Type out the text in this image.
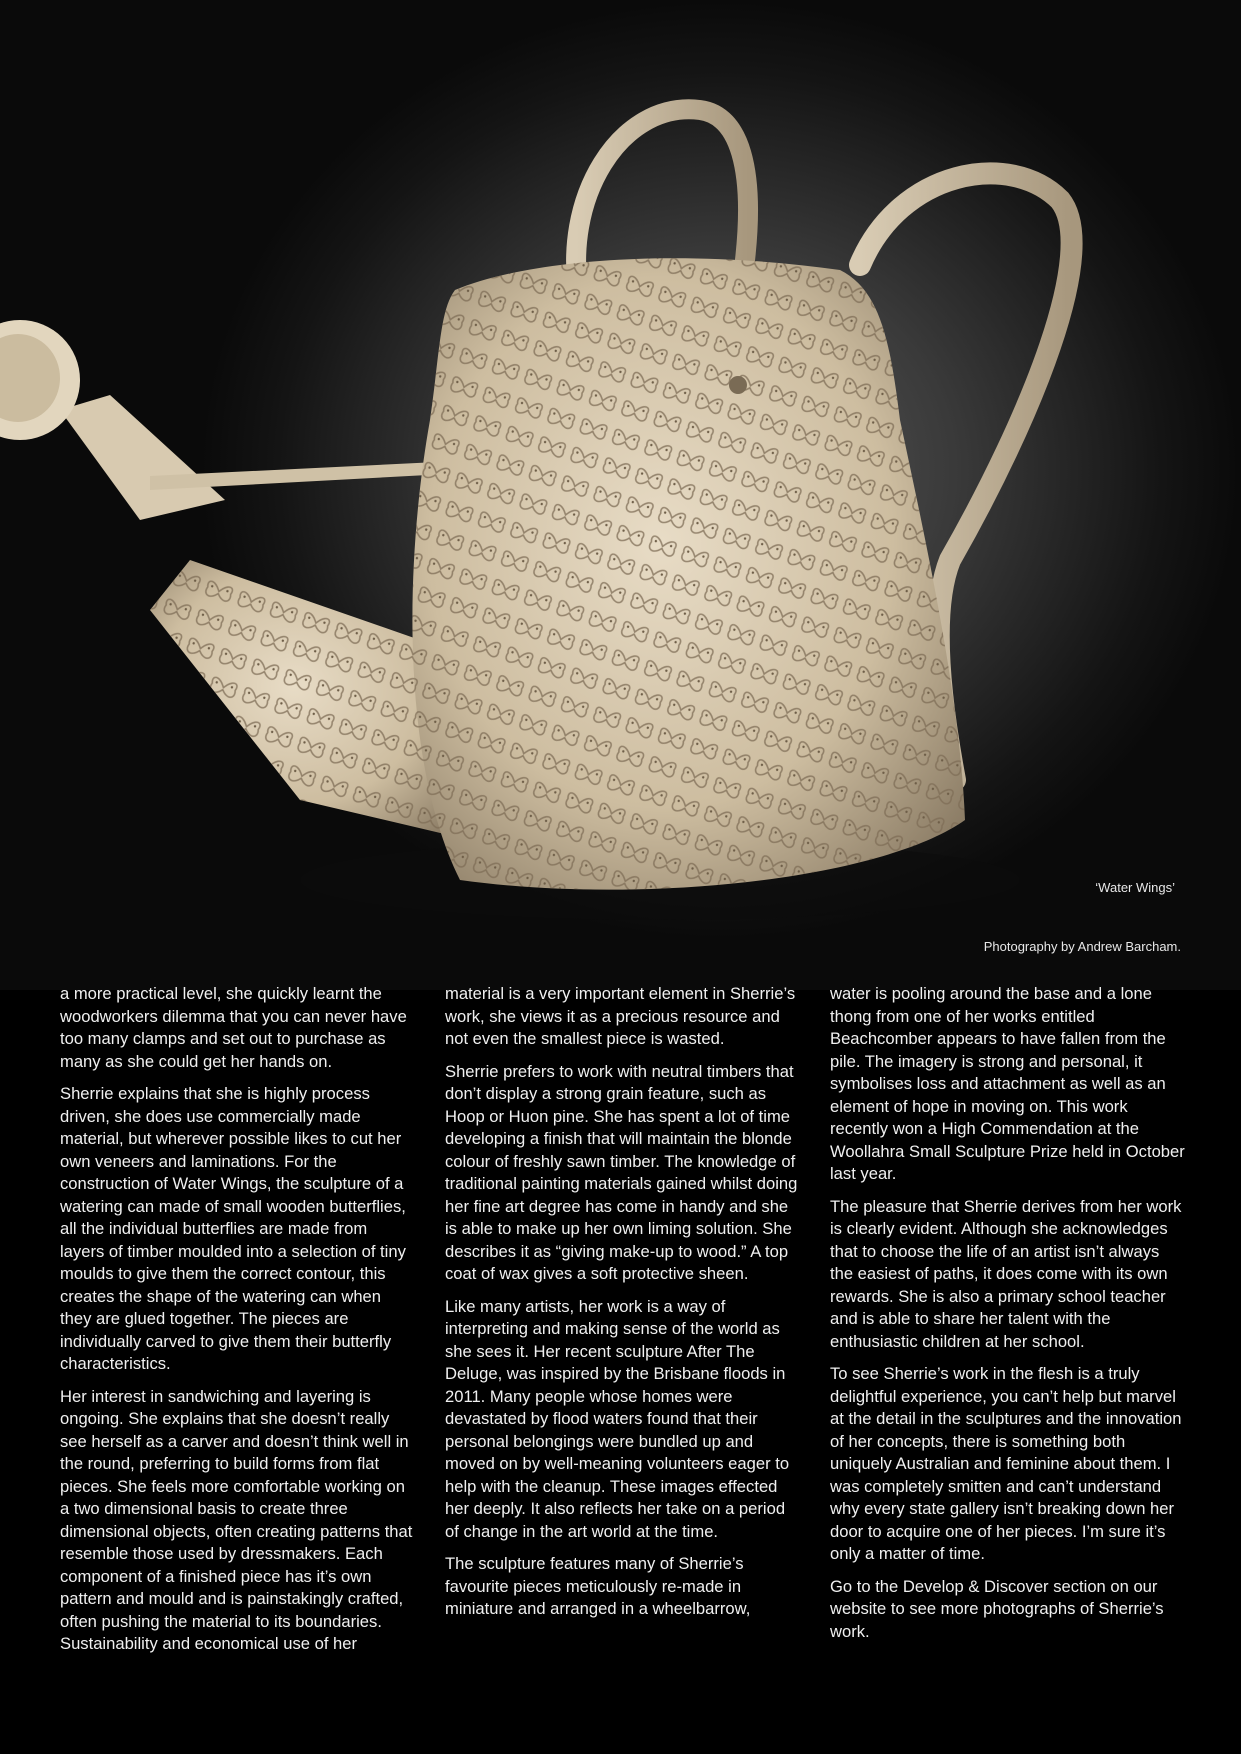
‘Water Wings’
Photography by Andrew Barcham.

a more practical level, she quickly learnt the woodworkers dilemma that you can never have too many clamps and set out to purchase as many as she could get her hands on.

Sherrie explains that she is highly process driven, she does use commercially made material, but wherever possible likes to cut her own veneers and laminations. For the construction of Water Wings, the sculpture of a watering can made of small wooden butterflies, all the individual butterflies are made from layers of timber moulded into a selection of tiny moulds to give them the correct contour, this creates the shape of the watering can when they are glued together. The pieces are individually carved to give them their butterfly characteristics.

Her interest in sandwiching and layering is ongoing. She explains that she doesn’t really see herself as a carver and doesn’t think well in the round, preferring to build forms from flat pieces. She feels more comfortable working on a two dimensional basis to create three dimensional objects, often creating patterns that resemble those used by dressmakers. Each component of a finished piece has it’s own pattern and mould and is painstakingly crafted, often pushing the material to its boundaries. Sustainability and economical use of her

material is a very important element in Sherrie’s work, she views it as a precious resource and not even the smallest piece is wasted.

Sherrie prefers to work with neutral timbers that don’t display a strong grain feature, such as Hoop or Huon pine. She has spent a lot of time developing a finish that will maintain the blonde colour of freshly sawn timber. The knowledge of traditional painting materials gained whilst doing her fine art degree has come in handy and she is able to make up her own liming solution. She describes it as “giving make-up to wood.” A top coat of wax gives a soft protective sheen.

Like many artists, her work is a way of interpreting and making sense of the world as she sees it. Her recent sculpture After The Deluge, was inspired by the Brisbane floods in 2011. Many people whose homes were devastated by flood waters found that their personal belongings were bundled up and moved on by well-meaning volunteers eager to help with the cleanup. These images effected her deeply. It also reflects her take on a period of change in the art world at the time.

The sculpture features many of Sherrie’s favourite pieces meticulously re-made in miniature and arranged in a wheelbarrow,

water is pooling around the base and a lone thong from one of her works entitled Beachcomber appears to have fallen from the pile. The imagery is strong and personal, it symbolises loss and attachment as well as an element of hope in moving on. This work recently won a High Commendation at the Woollahra Small Sculpture Prize held in October last year.

The pleasure that Sherrie derives from her work is clearly evident. Although she acknowledges that to choose the life of an artist isn’t always the easiest of paths, it does come with its own rewards. She is also a primary school teacher and is able to share her talent with the enthusiastic children at her school.

To see Sherrie’s work in the flesh is a truly delightful experience, you can’t help but marvel at the detail in the sculptures and the innovation of her concepts, there is something both uniquely Australian and feminine about them. I was completely smitten and can’t understand why every state gallery isn’t breaking down her door to acquire one of her pieces. I’m sure it’s only a matter of time.

Go to the Develop & Discover section on our website to see more photographs of Sherrie’s work.
